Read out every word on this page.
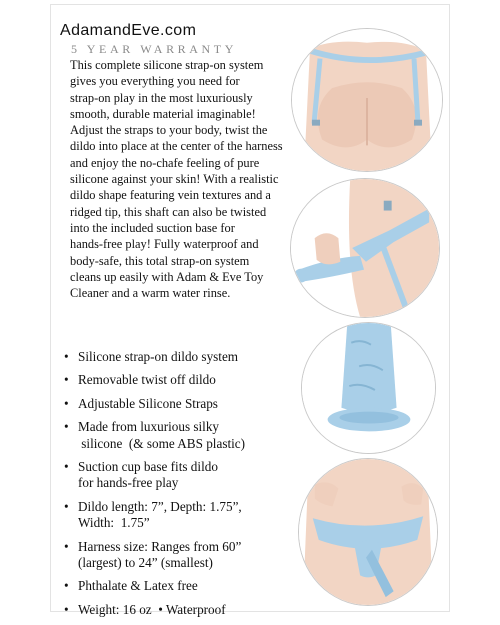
AdamandEve.com
5 YEAR WARRANTY
This complete silicone strap-on system
gives you everything you need for
strap-on play in the most luxuriously
smooth, durable material imaginable!
Adjust the straps to your body, twist the
dildo into place at the center of the harness
and enjoy the no-chafe feeling of pure
silicone against your skin! With a realistic
dildo shape featuring vein textures and a
ridged tip, this shaft can also be twisted
into the included suction base for
hands-free play! Fully waterproof and
body-safe, this total strap-on system
cleans up easily with Adam & Eve Toy
Cleaner and a warm water rinse.
• Silicone strap-on dildo system
• Removable twist off dildo
• Adjustable Silicone Straps
• Made from luxurious silky
silicone  (& some ABS plastic)
• Suction cup base fits dildo
for hands-free play
• Dildo length: 7”, Depth: 1.75”,
Width:  1.75”
• Harness size: Ranges from 60”
(largest) to 24” (smallest)
• Phthalate & Latex free
• Weight: 16 oz  • Waterproof
